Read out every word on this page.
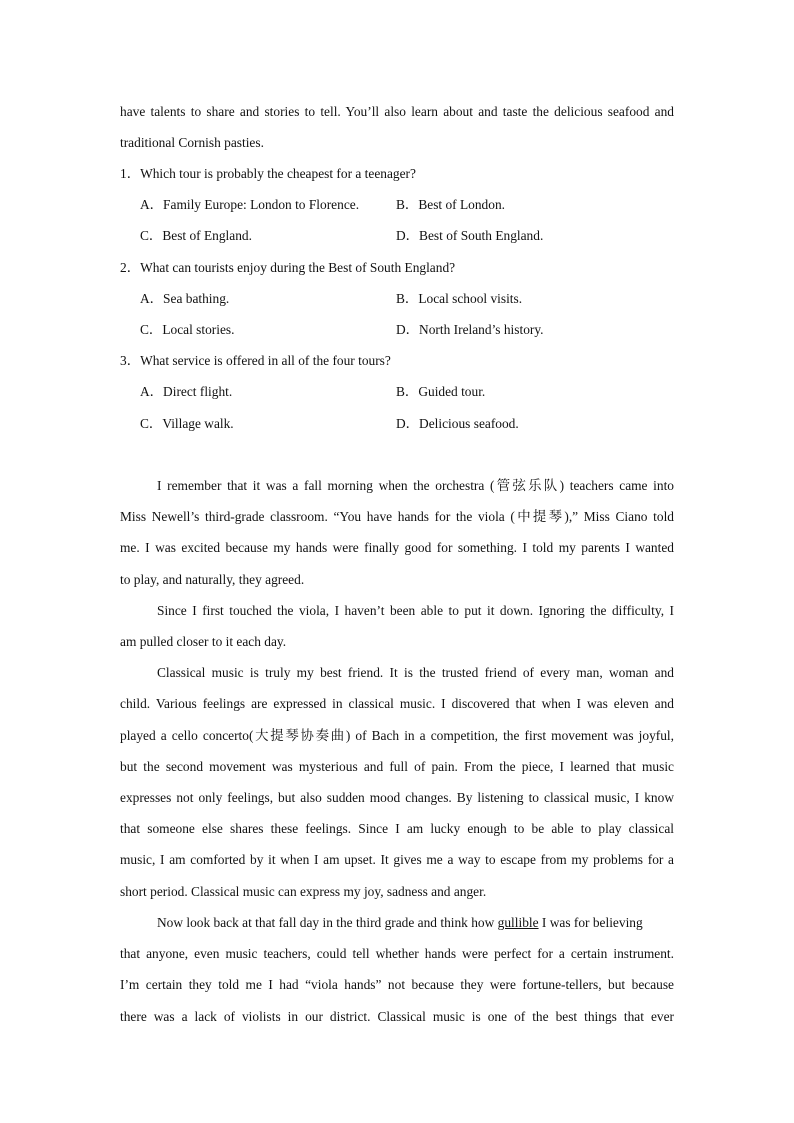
have talents to share and stories to tell. You’ll also learn about and taste the delicious seafood and
traditional Cornish pasties.
1．Which tour is probably the cheapest for a teenager?
A．Family Europe: London to Florence.	B．Best of London.
C．Best of England.	D．Best of South England.
2．What can tourists enjoy during the Best of South England?
A．Sea bathing.	B．Local school visits.
C．Local stories.	D．North Ireland’s history.
3．What service is offered in all of the four tours?
A．Direct flight.	B．Guided tour.
C．Village walk.	D．Delicious seafood.
I remember that it was a fall morning when the orchestra (管弦乐队) teachers came into
Miss Newell’s third-grade classroom. “You have hands for the viola (中提琴),” Miss Ciano told
me. I was excited because my hands were finally good for something. I told my parents I wanted
to play, and naturally, they agreed.
Since I first touched the viola, I haven’t been able to put it down. Ignoring the difficulty, I
am pulled closer to it each day.
Classical music is truly my best friend. It is the trusted friend of every man, woman and
child. Various feelings are expressed in classical music. I discovered that when I was eleven and
played a cello concerto(大提琴协奏曲) of Bach in a competition, the first movement was joyful,
but the second movement was mysterious and full of pain. From the piece, I learned that music
expresses not only feelings, but also sudden mood changes. By listening to classical music, I know
that someone else shares these feelings. Since I am lucky enough to be able to play classical
music, I am comforted by it when I am upset. It gives me a way to escape from my problems for a
short period. Classical music can express my joy, sadness and anger.
Now look back at that fall day in the third grade and think how gullible I was for believing
that anyone, even music teachers, could tell whether hands were perfect for a certain instrument.
I’m certain they told me I had “viola hands” not because they were fortune-tellers, but because
there was a lack of violists in our district. Classical music is one of the best things that ever
